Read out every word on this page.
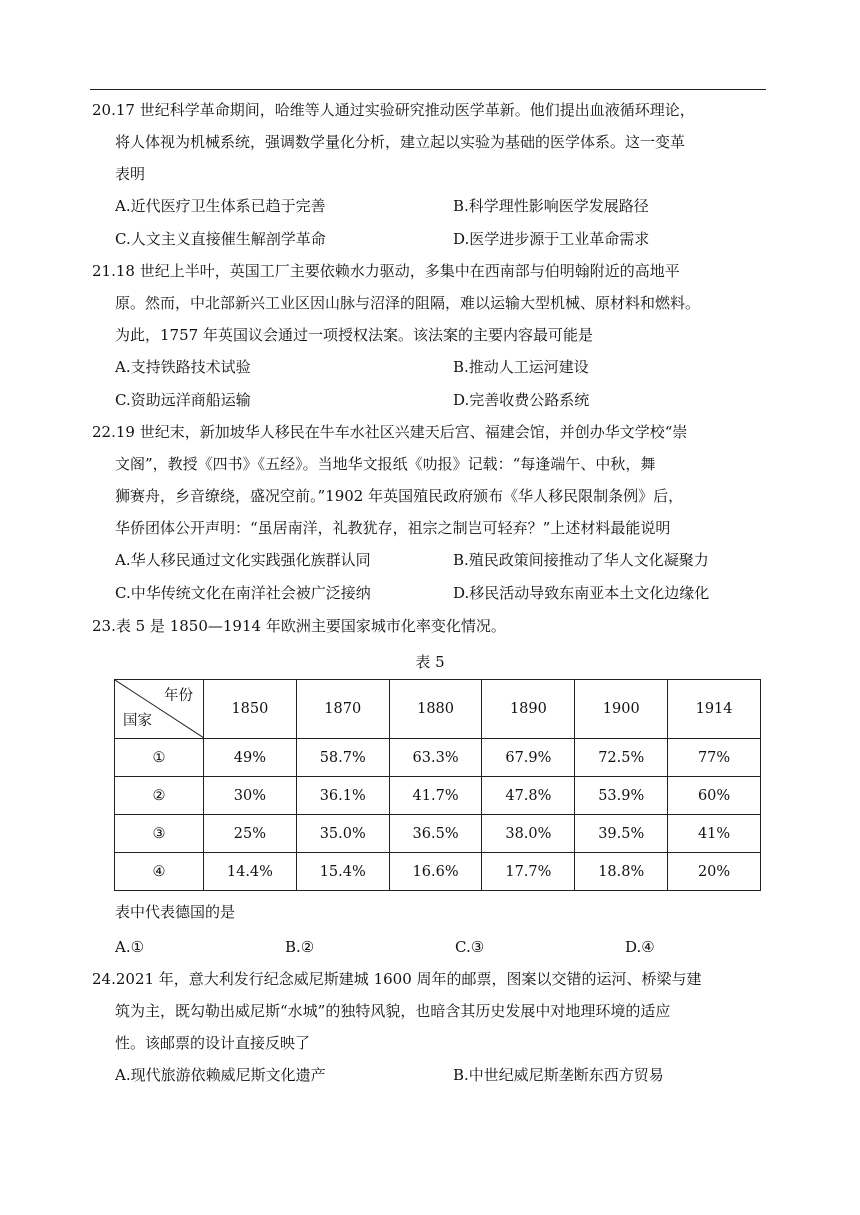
20.17 世纪科学革命期间，哈维等人通过实验研究推动医学革新。他们提出血液循环理论，
将人体视为机械系统，强调数学量化分析，建立起以实验为基础的医学体系。这一变革
表明
A.近代医疗卫生体系已趋于完善	B.科学理性影响医学发展路径
C.人文主义直接催生解剖学革命	D.医学进步源于工业革命需求
21.18 世纪上半叶，英国工厂主要依赖水力驱动，多集中在西南部与伯明翰附近的高地平
原。然而，中北部新兴工业区因山脉与沼泽的阻隔，难以运输大型机械、原材料和燃料。
为此，1757 年英国议会通过一项授权法案。该法案的主要内容最可能是
A.支持铁路技术试验	B.推动人工运河建设
C.资助远洋商船运输	D.完善收费公路系统
22.19 世纪末，新加坡华人移民在牛车水社区兴建天后宫、福建会馆，并创办华文学校“崇
文阁”，教授《四书》《五经》。当地华文报纸《叻报》记载：“每逢端午、中秋，舞
狮赛舟，乡音缭绕，盛况空前。”1902 年英国殖民政府颁布《华人移民限制条例》后，
华侨团体公开声明：“虽居南洋，礼教犹存，祖宗之制岂可轻弃？”上述材料最能说明
A.华人移民通过文化实践强化族群认同	B.殖民政策间接推动了华人文化凝聚力
C.中华传统文化在南洋社会被广泛接纳	D.移民活动导致东南亚本土文化边缘化
23.表 5 是 1850—1914 年欧洲主要国家城市化率变化情况。
表 5
年份
国家	1850	1870	1880	1890	1900	1914
①	49%	58.7%	63.3%	67.9%	72.5%	77%
②	30%	36.1%	41.7%	47.8%	53.9%	60%
③	25%	35.0%	36.5%	38.0%	39.5%	41%
④	14.4%	15.4%	16.6%	17.7%	18.8%	20%
表中代表德国的是
A.①	B.②	C.③	D.④
24.2021 年，意大利发行纪念威尼斯建城 1600 周年的邮票，图案以交错的运河、桥梁与建
筑为主，既勾勒出威尼斯“水城”的独特风貌，也暗含其历史发展中对地理环境的适应
性。该邮票的设计直接反映了
A.现代旅游依赖威尼斯文化遗产	B.中世纪威尼斯垄断东西方贸易
